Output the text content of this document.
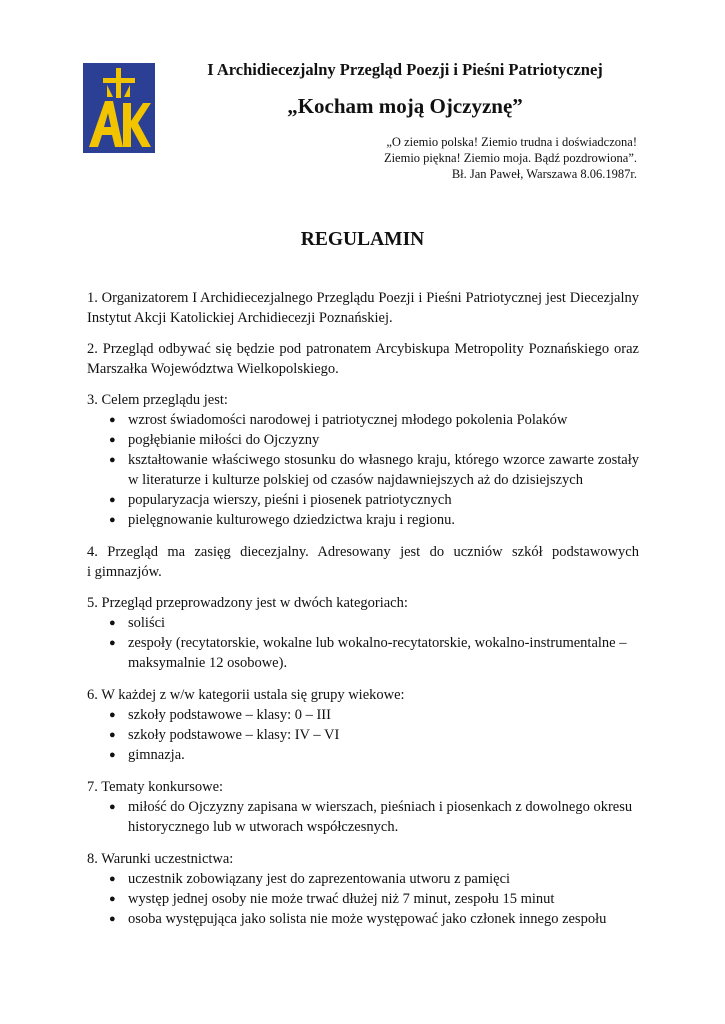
I Archidiecezjalny Przegląd Poezji i Pieśni Patriotycznej
„Kocham moją Ojczyznę”
„O ziemio polska! Ziemio trudna i doświadczona!
Ziemio piękna! Ziemio moja. Bądź pozdrowiona”.
Bł. Jan Paweł, Warszawa 8.06.1987r.
REGULAMIN

1. Organizatorem I Archidiecezjalnego Przeglądu Poezji i Pieśni Patriotycznej jest Diecezjalny Instytut Akcji Katolickiej Archidiecezji Poznańskiej.

2. Przegląd odbywać się będzie pod patronatem Arcybiskupa Metropolity Poznańskiego oraz Marszałka Województwa Wielkopolskiego.

3. Celem przeglądu jest:
● wzrost świadomości narodowej i patriotycznej młodego pokolenia Polaków
● pogłębianie miłości do Ojczyzny
● kształtowanie właściwego stosunku do własnego kraju, którego wzorce zawarte zostały w literaturze i kulturze polskiej od czasów najdawniejszych aż do dzisiejszych
● popularyzacja wierszy, pieśni i piosenek patriotycznych
● pielęgnowanie kulturowego dziedzictwa kraju i regionu.
4. Przegląd ma zasięg diecezjalny. Adresowany jest do uczniów szkół podstawowych
i gimnazjów.
5. Przegląd przeprowadzony jest w dwóch kategoriach:
● soliści
● zespoły (recytatorskie, wokalne lub wokalno-recytatorskie, wokalno-instrumentalne – maksymalnie 12 osobowe).
6. W każdej z w/w kategorii ustala się grupy wiekowe:
● szkoły podstawowe – klasy: 0 – III
● szkoły podstawowe – klasy: IV – VI
● gimnazja.
7. Tematy konkursowe:
● miłość do Ojczyzny zapisana w wierszach, pieśniach i piosenkach z dowolnego okresu historycznego lub w utworach współczesnych.
8. Warunki uczestnictwa:
● uczestnik zobowiązany jest do zaprezentowania utworu z pamięci
● występ jednej osoby nie może trwać dłużej niż 7 minut, zespołu 15 minut
● osoba występująca jako solista nie może występować jako członek innego zespołu
